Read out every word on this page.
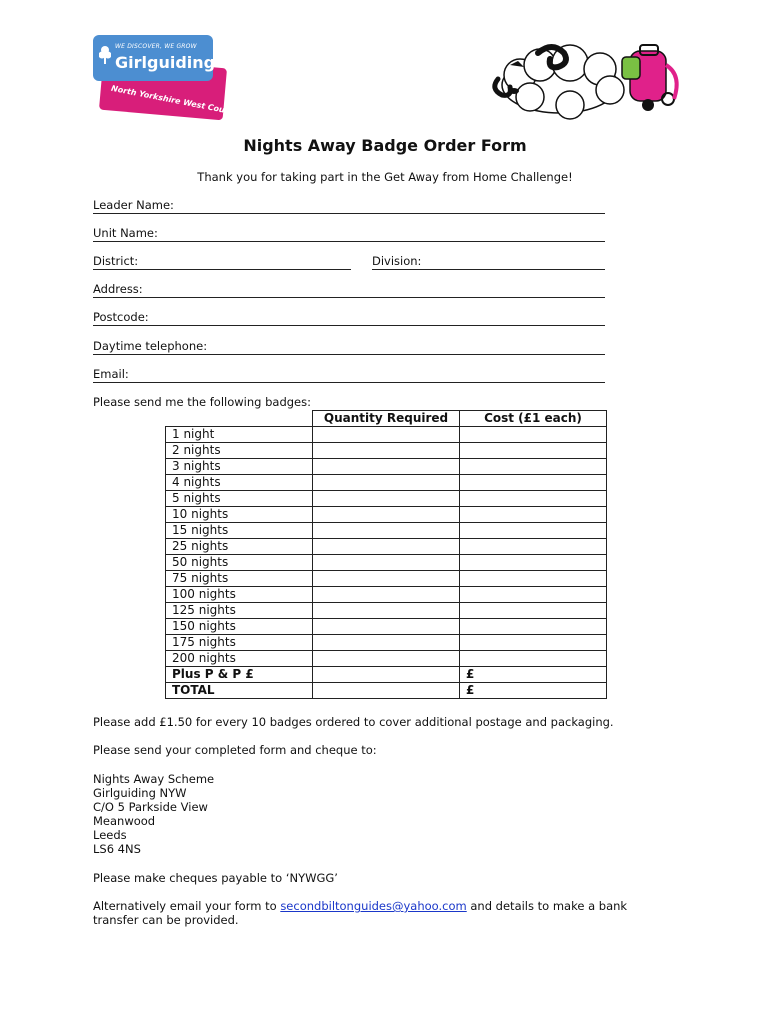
North Yorkshire West County
WE DISCOVER, WE GROW
Girlguiding
Nights Away Badge Order Form
Thank you for taking part in the Get Away from Home Challenge!
Leader Name:
Unit Name:
District:	Division:
Address:
Postcode:
Daytime telephone:
Email:
Please send me the following badges:
	Quantity Required	Cost (£1 each)
1 night		
2 nights		
3 nights		
4 nights		
5 nights		
10 nights		
15 nights		
25 nights		
50 nights		
75 nights		
100 nights		
125 nights		
150 nights		
175 nights		
200 nights		
Plus P & P £		£
TOTAL		£
Please add £1.50 for every 10 badges ordered to cover additional postage and packaging.
Please send your completed form and cheque to:
Nights Away Scheme
Girlguiding NYW
C/O 5 Parkside View
Meanwood
Leeds
LS6 4NS
Please make cheques payable to ‘NYWGG’
Alternatively email your form to secondbiltonguides@yahoo.com and details to make a bank transfer can be provided.
